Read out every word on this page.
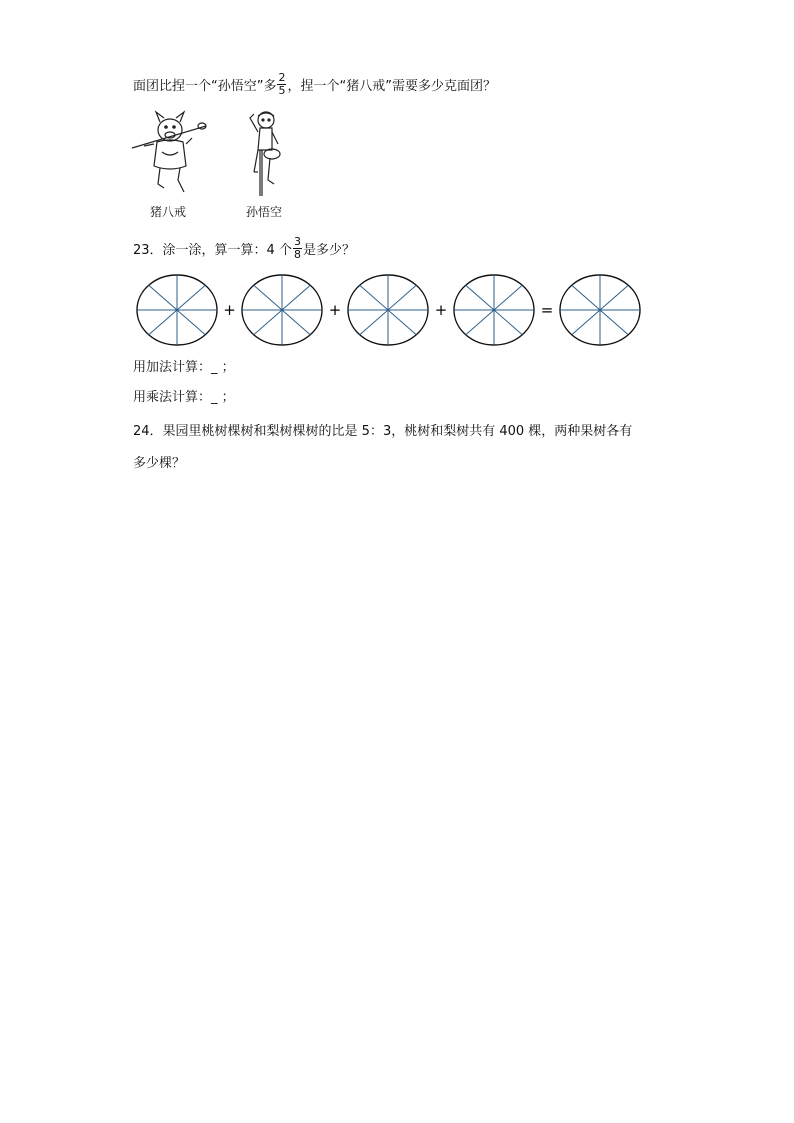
面团比捏一个“孙悟空”多 $\frac{2}{5}$ ，捏一个“猪八戒”需要多少克面团？
猪八戒	孙悟空
23．涂一涂，算一算：4 个 $\frac{3}{8}$ 是多少？
+	+	+	=
用加法计算：_ ；
用乘法计算：_ ；
24．果园里桃树棵树和梨树棵树的比是 5：3，桃树和梨树共有 400 棵，两种果树各有
多少棵？
